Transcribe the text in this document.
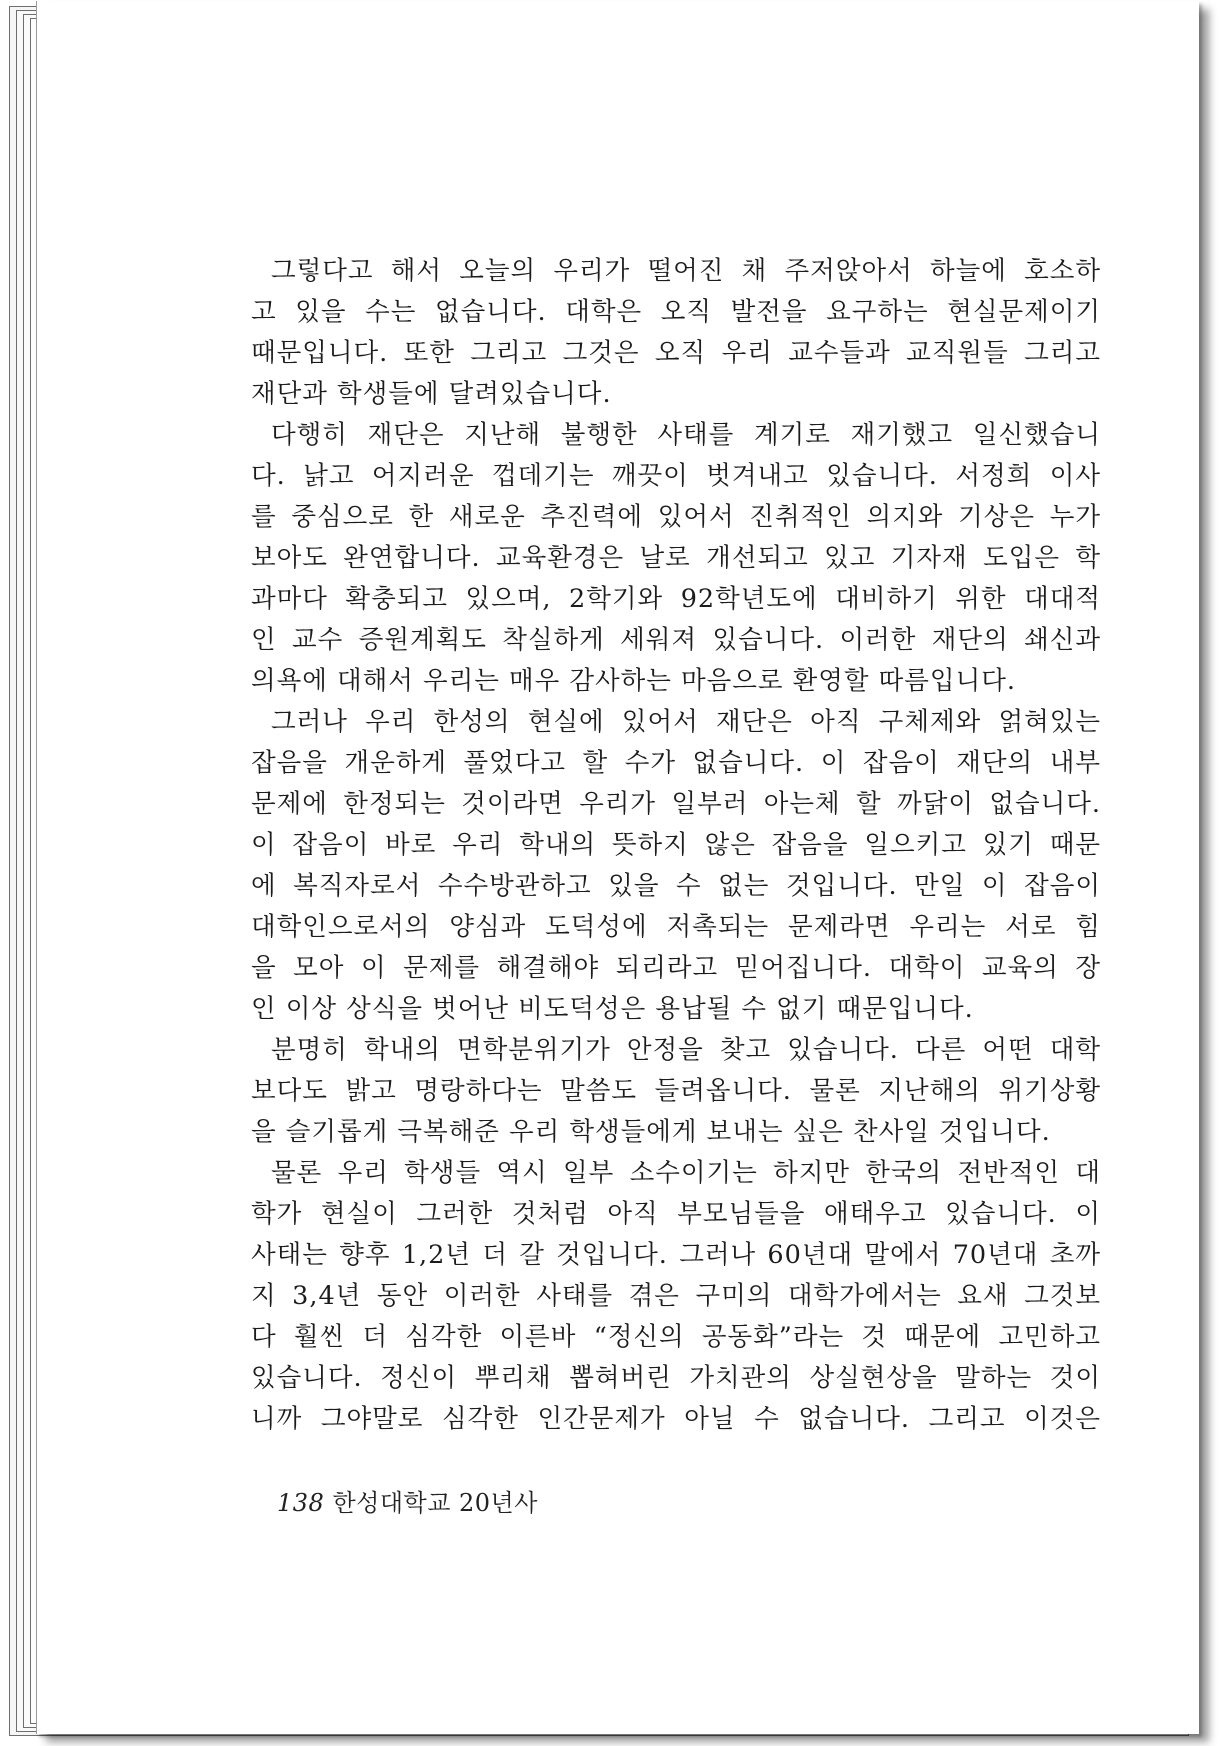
그렇다고 해서 오늘의 우리가 떨어진 채 주저앉아서 하늘에 호소하
고 있을 수는 없습니다. 대학은 오직 발전을 요구하는 현실문제이기
때문입니다. 또한 그리고 그것은 오직 우리 교수들과 교직원들 그리고
재단과 학생들에 달려있습니다.
다행히 재단은 지난해 불행한 사태를 계기로 재기했고 일신했습니
다. 낡고 어지러운 껍데기는 깨끗이 벗겨내고 있습니다. 서정희 이사
를 중심으로 한 새로운 추진력에 있어서 진취적인 의지와 기상은 누가
보아도 완연합니다. 교육환경은 날로 개선되고 있고 기자재 도입은 학
과마다 확충되고 있으며, 2학기와 92학년도에 대비하기 위한 대대적
인 교수 증원계획도 착실하게 세워져 있습니다. 이러한 재단의 쇄신과
의욕에 대해서 우리는 매우 감사하는 마음으로 환영할 따름입니다.
그러나 우리 한성의 현실에 있어서 재단은 아직 구체제와 얽혀있는
잡음을 개운하게 풀었다고 할 수가 없습니다. 이 잡음이 재단의 내부
문제에 한정되는 것이라면 우리가 일부러 아는체 할 까닭이 없습니다.
이 잡음이 바로 우리 학내의 뜻하지 않은 잡음을 일으키고 있기 때문
에 복직자로서 수수방관하고 있을 수 없는 것입니다. 만일 이 잡음이
대학인으로서의 양심과 도덕성에 저촉되는 문제라면 우리는 서로 힘
을 모아 이 문제를 해결해야 되리라고 믿어집니다. 대학이 교육의 장
인 이상 상식을 벗어난 비도덕성은 용납될 수 없기 때문입니다.
분명히 학내의 면학분위기가 안정을 찾고 있습니다. 다른 어떤 대학
보다도 밝고 명랑하다는 말씀도 들려옵니다. 물론 지난해의 위기상황
을 슬기롭게 극복해준 우리 학생들에게 보내는 싶은 찬사일 것입니다.
물론 우리 학생들 역시 일부 소수이기는 하지만 한국의 전반적인 대
학가 현실이 그러한 것처럼 아직 부모님들을 애태우고 있습니다. 이
사태는 향후 1,2년 더 갈 것입니다. 그러나 60년대 말에서 70년대 초까
지 3,4년 동안 이러한 사태를 겪은 구미의 대학가에서는 요새 그것보
다 훨씬 더 심각한 이른바 “정신의 공동화”라는 것 때문에 고민하고
있습니다. 정신이 뿌리채 뽑혀버린 가치관의 상실현상을 말하는 것이
니까 그야말로 심각한 인간문제가 아닐 수 없습니다. 그리고 이것은
138 한성대학교 20년사
